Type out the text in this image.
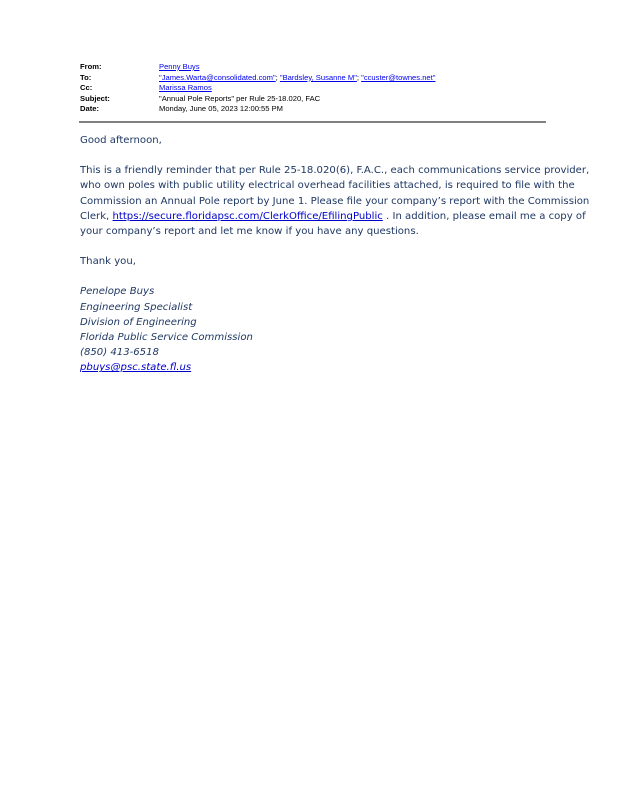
From:	Penny Buys
To:	"James.Warta@consolidated.com"; "Bardsley, Susanne M"; "ccuster@townes.net"
Cc:	Marissa Ramos
Subject:	"Annual Pole Reports" per Rule 25-18.020, FAC
Date:	Monday, June 05, 2023 12:00:55 PM

Good afternoon,

This is a friendly reminder that per Rule 25-18.020(6), F.A.C., each communications service provider,

who own poles with public utility electrical overhead facilities attached, is required to file with the

Commission an Annual Pole report by June 1. Please file your company’s report with the Commission

Clerk, https://secure.floridapsc.com/ClerkOffice/EfilingPublic . In addition, please email me a copy of

your company’s report and let me know if you have any questions.

Thank you,

Penelope Buys

Engineering Specialist

Division of Engineering

Florida Public Service Commission

(850) 413-6518

pbuys@psc.state.fl.us
